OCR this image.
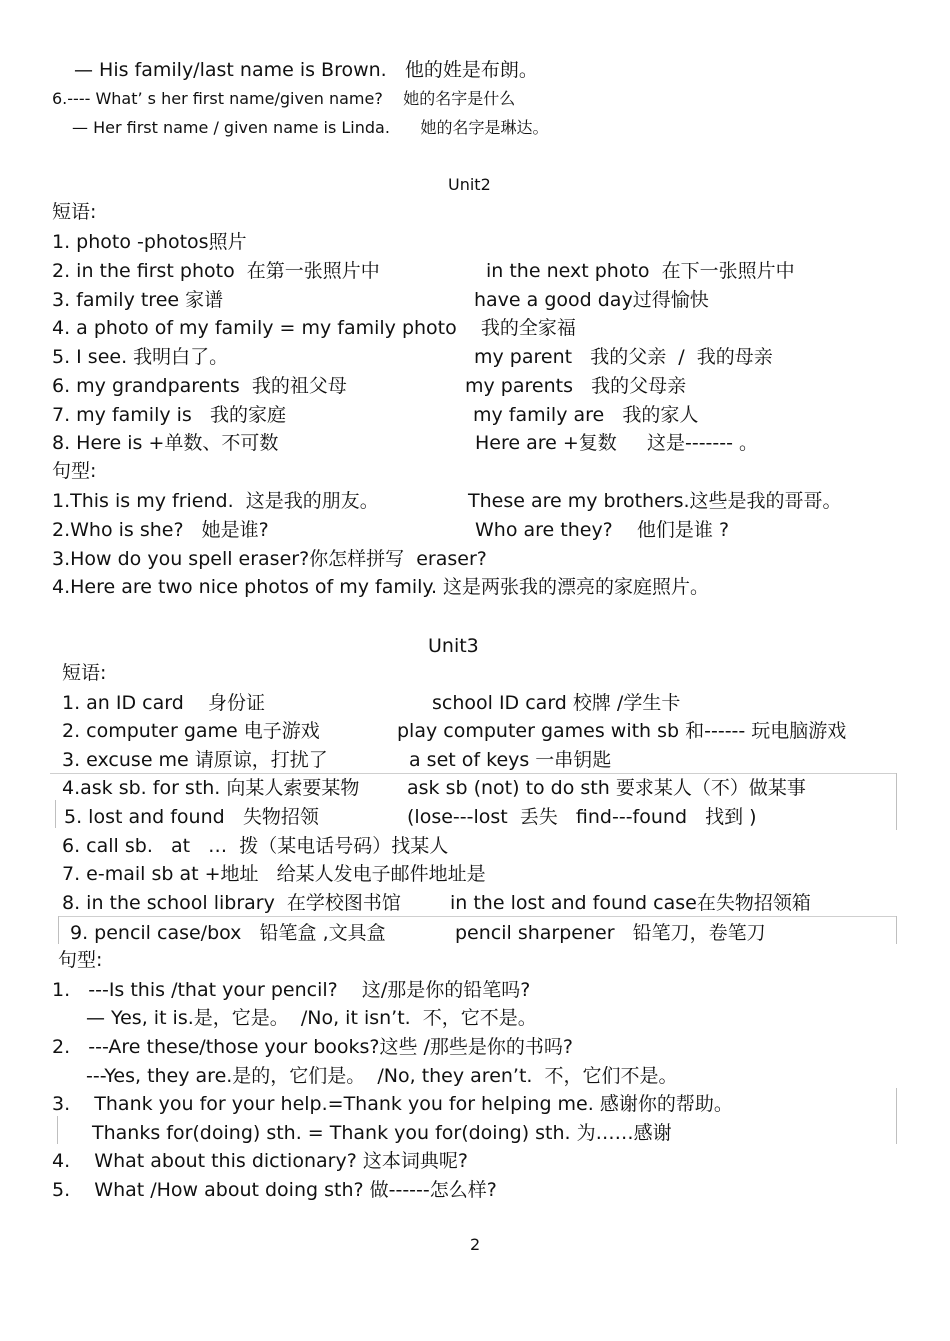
— His family/last name is Brown.   他的姓是布朗。
6.---- What’ s her first name/given name?    她的名字是什么
— Her first name / given name is Linda.      她的名字是琳达。
Unit2
短语:
1. photo -photos照片
2. in the first photo  在第一张照片中	in the next photo  在下一张照片中
3. family tree 家谱	have a good day过得愉快
4. a photo of my family = my family photo    我的全家福
5. I see. 我明白了。	my parent   我的父亲  /  我的母亲
6. my grandparents  我的祖父母	my parents   我的父母亲
7. my family is   我的家庭	my family are   我的家人
8. Here is +单数、不可数	Here are +复数     这是------- 。
句型:
1.This is my friend.  这是我的朋友。	These are my brothers.这些是我的哥哥。
2.Who is she?   她是谁?	Who are they?    他们是谁 ?
3.How do you spell eraser?你怎样拼写  eraser?
4.Here are two nice photos of my family. 这是两张我的漂亮的家庭照片。
Unit3
短语:
1. an ID card    身份证	school ID card 校牌 /学生卡
2. computer game 电子游戏	play computer games with sb 和------ 玩电脑游戏
3. excuse me 请原谅，打扰了	a set of keys 一串钥匙
4.ask sb. for sth. 向某人索要某物	ask sb (not) to do sth 要求某人（不）做某事
5. lost and found   失物招领	(lose---lost  丢失   find---found   找到 )
6. call sb.   at   …  拨（某电话号码）找某人
7. e-mail sb at +地址   给某人发电子邮件地址是
8. in the school library  在学校图书馆	in the lost and found case在失物招领箱
9. pencil case/box   铅笔盒 ,文具盒	pencil sharpener   铅笔刀，卷笔刀
句型:
1.   ---Is this /that your pencil?    这/那是你的铅笔吗?
— Yes, it is.是，它是。  /No, it isn’t.  不，它不是。
2.   ---Are these/those your books?这些 /那些是你的书吗?
---Yes, they are.是的，它们是。  /No, they aren’t.  不，它们不是。
3.    Thank you for your help.=Thank you for helping me. 感谢你的帮助。
Thanks for(doing) sth. = Thank you for(doing) sth. 为……感谢
4.    What about this dictionary? 这本词典呢?
5.    What /How about doing sth? 做------怎么样?
2
